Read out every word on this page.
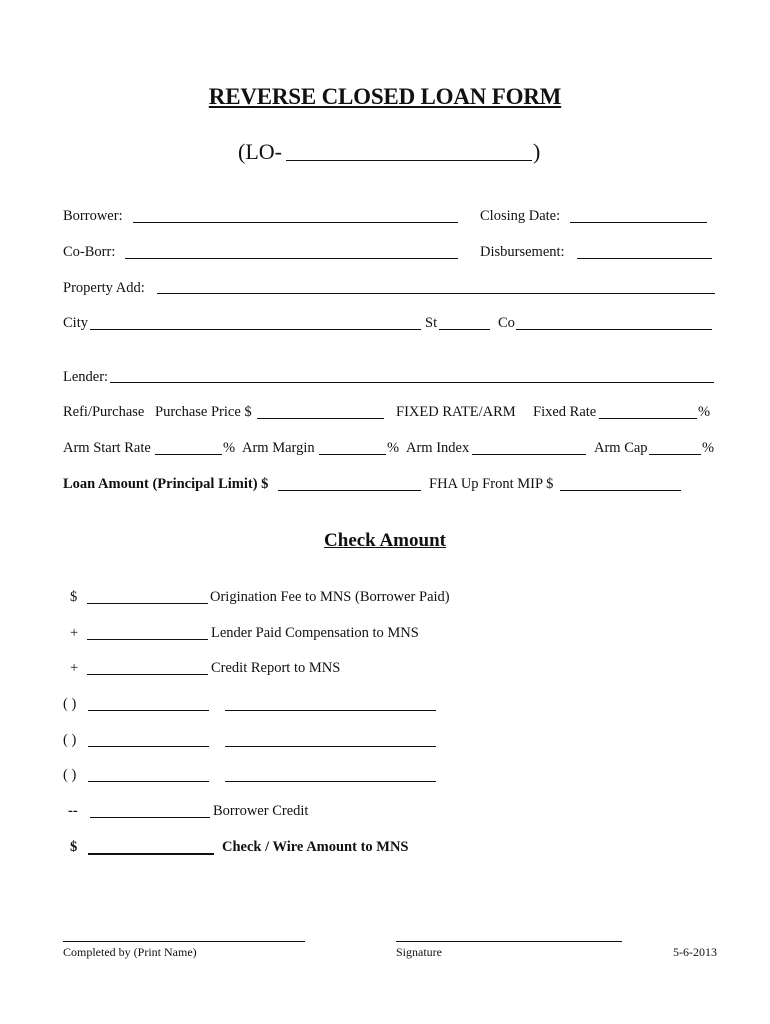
REVERSE CLOSED LOAN FORM
(LO-	)
Borrower:	Closing Date:
Co-Borr:	Disbursement:
Property Add:
City	St	Co
Lender:
Refi/Purchase Purchase Price $	FIXED RATE/ARM Fixed Rate	%
Arm Start Rate	% Arm Margin	% Arm Index	Arm Cap	%
Loan Amount (Principal Limit) $	FHA Up Front MIP $
Check Amount
$	Origination Fee to MNS (Borrower Paid)
+	Lender Paid Compensation to MNS
+	Credit Report to MNS
( )
( )
( )
--	Borrower Credit
$	Check / Wire Amount to MNS
Completed by (Print Name)	Signature	5-6-2013
